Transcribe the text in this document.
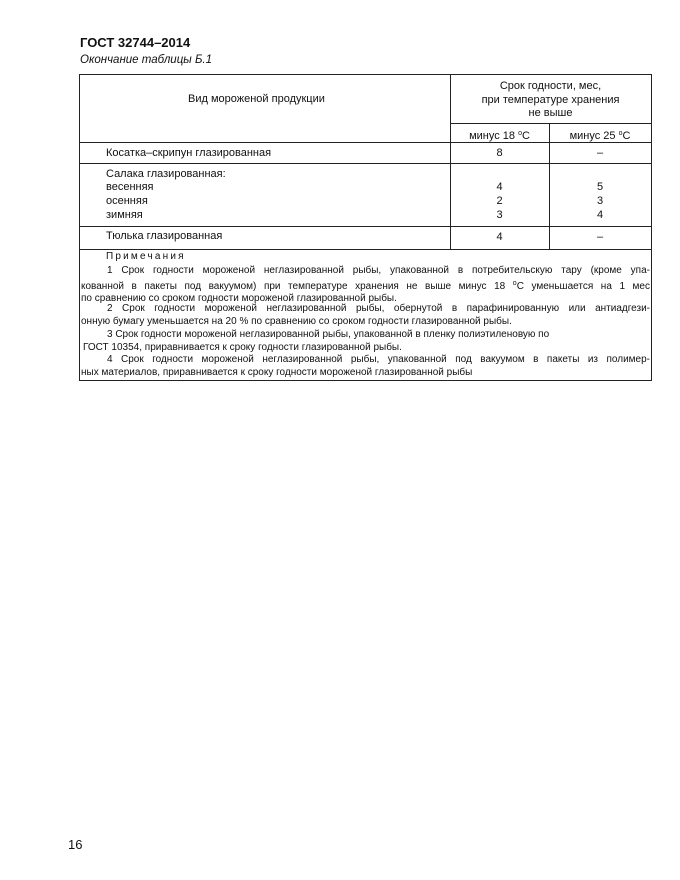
ГОСТ 32744–2014
Окончание таблицы Б.1
Вид мороженой продукции
Срок годности, мес,
при температуре хранения
не выше
минус 18 $^o$C	минус 25 $^o$C
Косатка–скрипун глазированная	8	–
Салака глазированная:
весенняя	4	5
осенняя	2	3
зимняя	3	4
Тюлька глазированная	4	–
Примечания
1 Срок годности мороженой неглазированной рыбы, упакованной в потребительскую тару (кроме упа-
кованной в пакеты под вакуумом) при температуре хранения не выше минус 18 $^o$С уменьшается на 1 мес
по сравнению со сроком годности мороженой глазированной рыбы.
2 Срок годности мороженой неглазированной рыбы, обернутой в парафинированную или антиадгези-
онную бумагу уменьшается на 20 % по сравнению со сроком годности глазированной рыбы.
3 Срок годности мороженой неглазированной рыбы, упакованной в пленку полиэтиленовую по
ГОСТ 10354, приравнивается к сроку годности глазированной рыбы.
4 Срок годности мороженой неглазированной рыбы, упакованной под вакуумом в пакеты из полимер-
ных материалов, приравнивается к сроку годности мороженой глазированной рыбы
16
